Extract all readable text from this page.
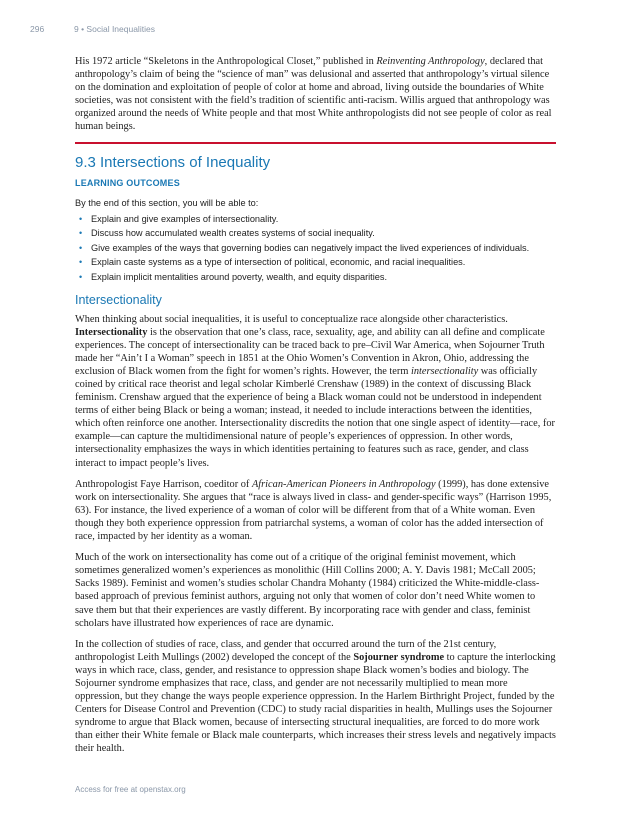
296	9 • Social Inequalities

His 1972 article “Skeletons in the Anthropological Closet,” published in Reinventing Anthropology, declared that anthropology’s claim of being the “science of man” was delusional and asserted that anthropology’s virtual silence on the domination and exploitation of people of color at home and abroad, living outside the boundaries of White societies, was not consistent with the field’s tradition of scientific anti-racism. Willis argued that anthropology was organized around the needs of White people and that most White anthropologists did not see people of color as real human beings.

9.3 Intersections of Inequality
LEARNING OUTCOMES
By the end of this section, you will be able to:
• Explain and give examples of intersectionality.
• Discuss how accumulated wealth creates systems of social inequality.
• Give examples of the ways that governing bodies can negatively impact the lived experiences of individuals.
• Explain caste systems as a type of intersection of political, economic, and racial inequalities.
• Explain implicit mentalities around poverty, wealth, and equity disparities.
Intersectionality

When thinking about social inequalities, it is useful to conceptualize race alongside other characteristics. Intersectionality is the observation that one’s class, race, sexuality, age, and ability can all define and complicate experiences. The concept of intersectionality can be traced back to pre–Civil War America, when Sojourner Truth made her “Ain’t I a Woman” speech in 1851 at the Ohio Women’s Convention in Akron, Ohio, addressing the exclusion of Black women from the fight for women’s rights. However, the term intersectionality was officially coined by critical race theorist and legal scholar Kimberlé Crenshaw (1989) in the context of discussing Black feminism. Crenshaw argued that the experience of being a Black woman could not be understood in independent terms of either being Black or being a woman; instead, it needed to include interactions between the identities, which often reinforce one another. Intersectionality discredits the notion that one single aspect of identity—race, for example—can capture the multidimensional nature of people’s experiences of oppression. In other words, intersectionality emphasizes the ways in which identities pertaining to features such as race, gender, and class interact to impact people’s lives.

Anthropologist Faye Harrison, coeditor of African-American Pioneers in Anthropology (1999), has done extensive work on intersectionality. She argues that “race is always lived in class- and gender-specific ways” (Harrison 1995, 63). For instance, the lived experience of a woman of color will be different from that of a White woman. Even though they both experience oppression from patriarchal systems, a woman of color has the added intersection of race, impacted by her identity as a woman.

Much of the work on intersectionality has come out of a critique of the original feminist movement, which sometimes generalized women’s experiences as monolithic (Hill Collins 2000; A. Y. Davis 1981; McCall 2005; Sacks 1989). Feminist and women’s studies scholar Chandra Mohanty (1984) criticized the White-middle-class-based approach of previous feminist authors, arguing not only that women of color don’t need White women to save them but that their experiences are vastly different. By incorporating race with gender and class, feminist scholars have illustrated how experiences of race are dynamic.

In the collection of studies of race, class, and gender that occurred around the turn of the 21st century, anthropologist Leith Mullings (2002) developed the concept of the Sojourner syndrome to capture the interlocking ways in which race, class, gender, and resistance to oppression shape Black women’s bodies and biology. The Sojourner syndrome emphasizes that race, class, and gender are not necessarily multiplied to mean more oppression, but they change the ways people experience oppression. In the Harlem Birthright Project, funded by the Centers for Disease Control and Prevention (CDC) to study racial disparities in health, Mullings uses the Sojourner syndrome to argue that Black women, because of intersecting structural inequalities, are forced to do more work than either their White female or Black male counterparts, which increases their stress levels and negatively impacts their health.

Access for free at openstax.org
